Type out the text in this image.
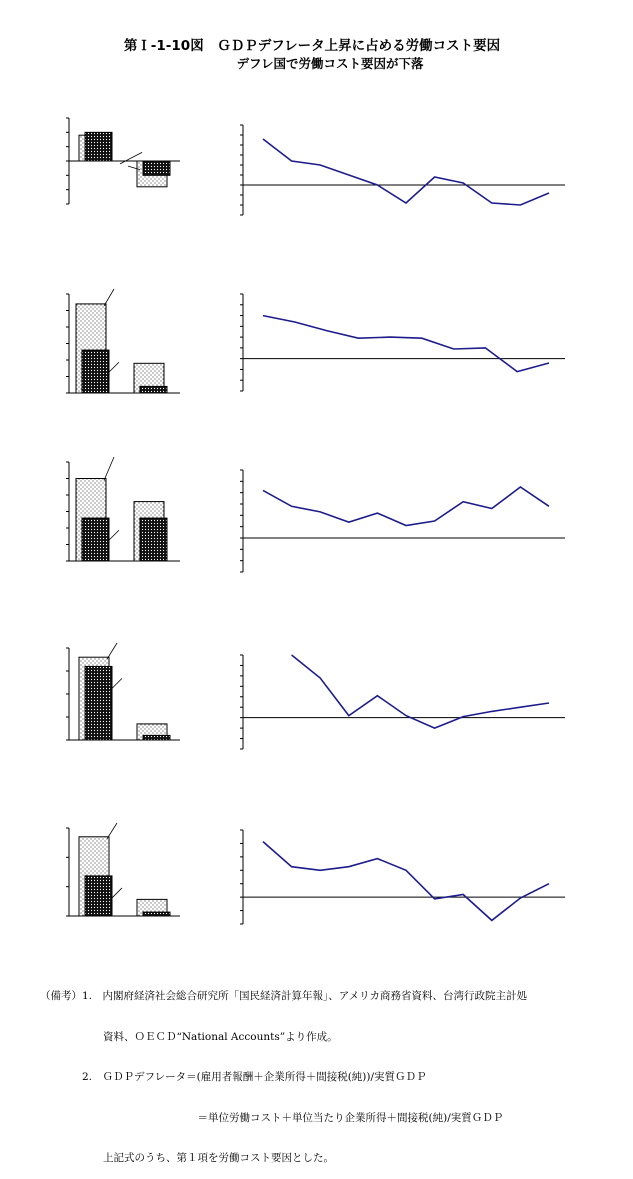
第Ｉ-1-10図　ＧＤＰデフレータ上昇に占める労働コスト要因
デフレ国で労働コスト要因が下落

（備考）1.　内閣府経済社会総合研究所「国民経済計算年報」、アメリカ商務省資料、台湾行政院主計処

　　　　　　資料、ＯＥＣＤ“National Accounts”より作成。

　　　　2.　ＧＤＰデフレータ＝(雇用者報酬＋企業所得＋間接税(純))/実質ＧＤＰ

　　　　　　　　　　　　　　　＝単位労働コスト＋単位当たり企業所得＋間接税(純)/実質ＧＤＰ

　　　　　　上記式のうち、第１項を労働コスト要因とした。
